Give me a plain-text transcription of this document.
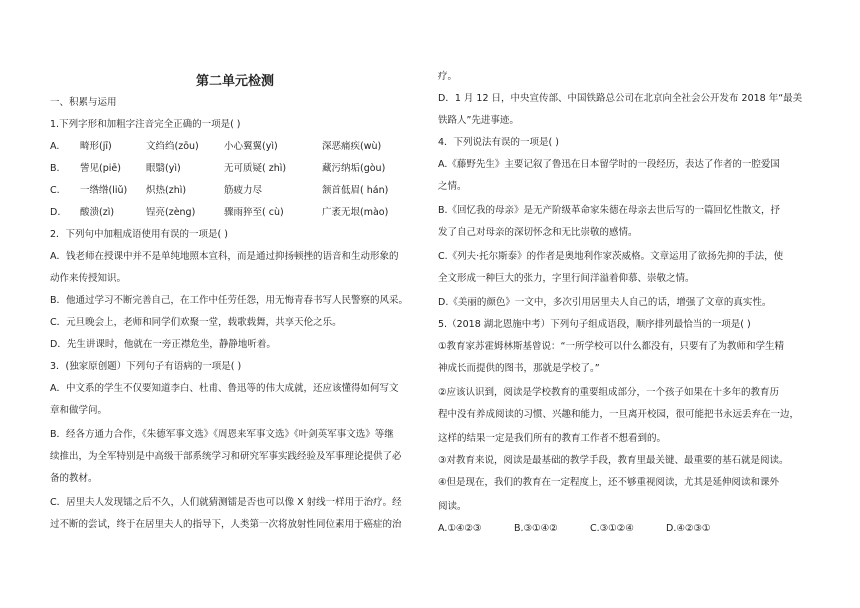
第二单元检测
一、积累与运用
1.下列字形和加粗字注音完全正确的一项是( )
A. 畸形(jī)	文绉绉(zōu)	小心翼翼(yì)	深恶痛疾(wù)
B. 訾见(piē)	眼翳(yì)	无可质疑( zhì)	藏污纳垢(gòu)
C. 一绺绺(liǔ) 炽热(zhì)	筋疲力尽	颔首低眉( hán)
D. 酸溃(zì)	锃亮(zèng)	骤雨猝至( cù)	广袤无垠(mào)
2．下列句中加粗成语使用有误的一项是( )
A．钱老师在授课中并不是单纯地照本宣科，而是通过抑扬顿挫的语音和生动形象的
动作来传授知识。
B．他通过学习不断完善自己，在工作中任劳任怨，用无悔青春书写人民警察的风采。
C．元旦晚会上，老师和同学们欢聚一堂，载歌载舞，共享天伦之乐。
D．先生讲课时，他就在一旁正襟危坐，静静地听着。
3．(独家原创题）下列句子有语病的一项是( )
A．中文系的学生不仅要知道李白、杜甫、鲁迅等的伟大成就，还应该懂得如何写文
章和做学问。
B．经各方通力合作，《朱德军事文选》《周恩来军事文选》《叶剑英军事文选》等继
续推出，为全军特别是中高级干部系统学习和研究军事实践经验及军事理论提供了必
备的教材。
C．居里夫人发现镭之后不久，人们就猜测镭是否也可以像 X 射线一样用于治疗。经
过不断的尝试，终于在居里夫人的指导下，人类第一次将放射性同位素用于癌症的治
疗。
D．1 月 12 日，中央宣传部、中国铁路总公司在北京向全社会公开发布 2018 年“最美
铁路人”先进事迹。
4．下列说法有误的一项是( )
A.《藤野先生》主要记叙了鲁迅在日本留学时的一段经历，表达了作者的一腔爱国
之情。
B.《回忆我的母亲》是无产阶级革命家朱德在母亲去世后写的一篇回忆性散文，抒
发了自己对母亲的深切怀念和无比崇敬的感情。
C.《列夫·托尔斯泰》的作者是奥地利作家茨威格。文章运用了欲扬先抑的手法，使
全文形成一种巨大的张力，字里行间洋溢着仰慕、崇敬之情。
D.《美丽的颜色》一文中，多次引用居里夫人自己的话，增强了文章的真实性。
5.（2018 湖北恩施中考）下列句子组成语段，顺序排列最恰当的一项是( )
①教育家苏霍姆林斯基曾说：“一所学校可以什么都没有，只要有了为教师和学生精
神成长而提供的图书，那就是学校了。”
②应该认识到，阅读是学校教育的重要组成部分，一个孩子如果在十多年的教育历
程中没有养成阅读的习惯、兴趣和能力，一旦离开校园，很可能把书永远丢弃在一边，
这样的结果一定是我们所有的教育工作者不想看到的。
③对教育来说，阅读是最基础的教学手段，教育里最关键、最重要的基石就是阅读。
④但是现在，我们的教育在一定程度上，还不够重视阅读，尤其是延伸阅读和课外
阅读。
A.①④②③	B.③①④②	C.③①②④	D.④②③①
